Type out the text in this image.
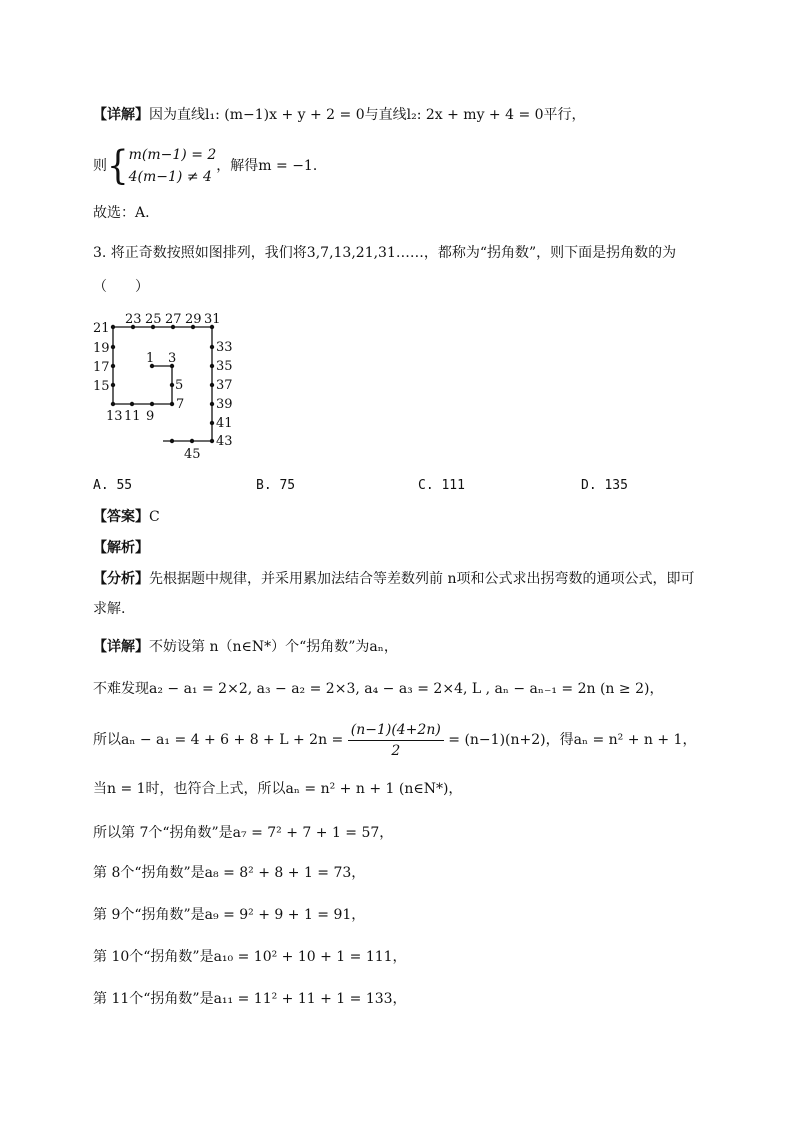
【详解】因为直线l₁: (m−1)x + y + 2 = 0与直线l₂: 2x + my + 4 = 0平行，
则{ m(m−1) = 2
4(m−1) ≠ 4
，解得m = −1．
故选：A.
3. 将正奇数按照如图排列，我们将3,7,13,21,31……，都称为“拐角数”，则下面是拐角数的为
（　　）
1 3
5
7
9
11
13
15
17
19
21
23 25 27 29 31
33
35
37
39
41
43
45
A. 55	B. 75	C. 111	D. 135
【答案】C
【解析】
【分析】先根据题中规律，并采用累加法结合等差数列前 n项和公式求出拐弯数的通项公式，即可
求解.
【详解】不妨设第 n（n∈N*）个“拐角数”为aₙ，
不难发现a₂ − a₁ = 2×2, a₃ − a₂ = 2×3, a₄ − a₃ = 2×4, L , aₙ − aₙ₋₁ = 2n (n ≥ 2)，
所以$a_n - a_1 = 4 + 6 + 8 + L + 2n = \frac{(n-1)(4+2n)}{2} = (n-1)(n+2)$，得aₙ = n² + n + 1，
当n = 1时，也符合上式，所以aₙ = n² + n + 1 (n∈N*)，
所以第 7个“拐角数”是a₇ = 7² + 7 + 1 = 57，
第 8个“拐角数”是a₈ = 8² + 8 + 1 = 73，
第 9个“拐角数”是a₉ = 9² + 9 + 1 = 91，
第 10个“拐角数”是a₁₀ = 10² + 10 + 1 = 111，
第 11个“拐角数”是a₁₁ = 11² + 11 + 1 = 133，
